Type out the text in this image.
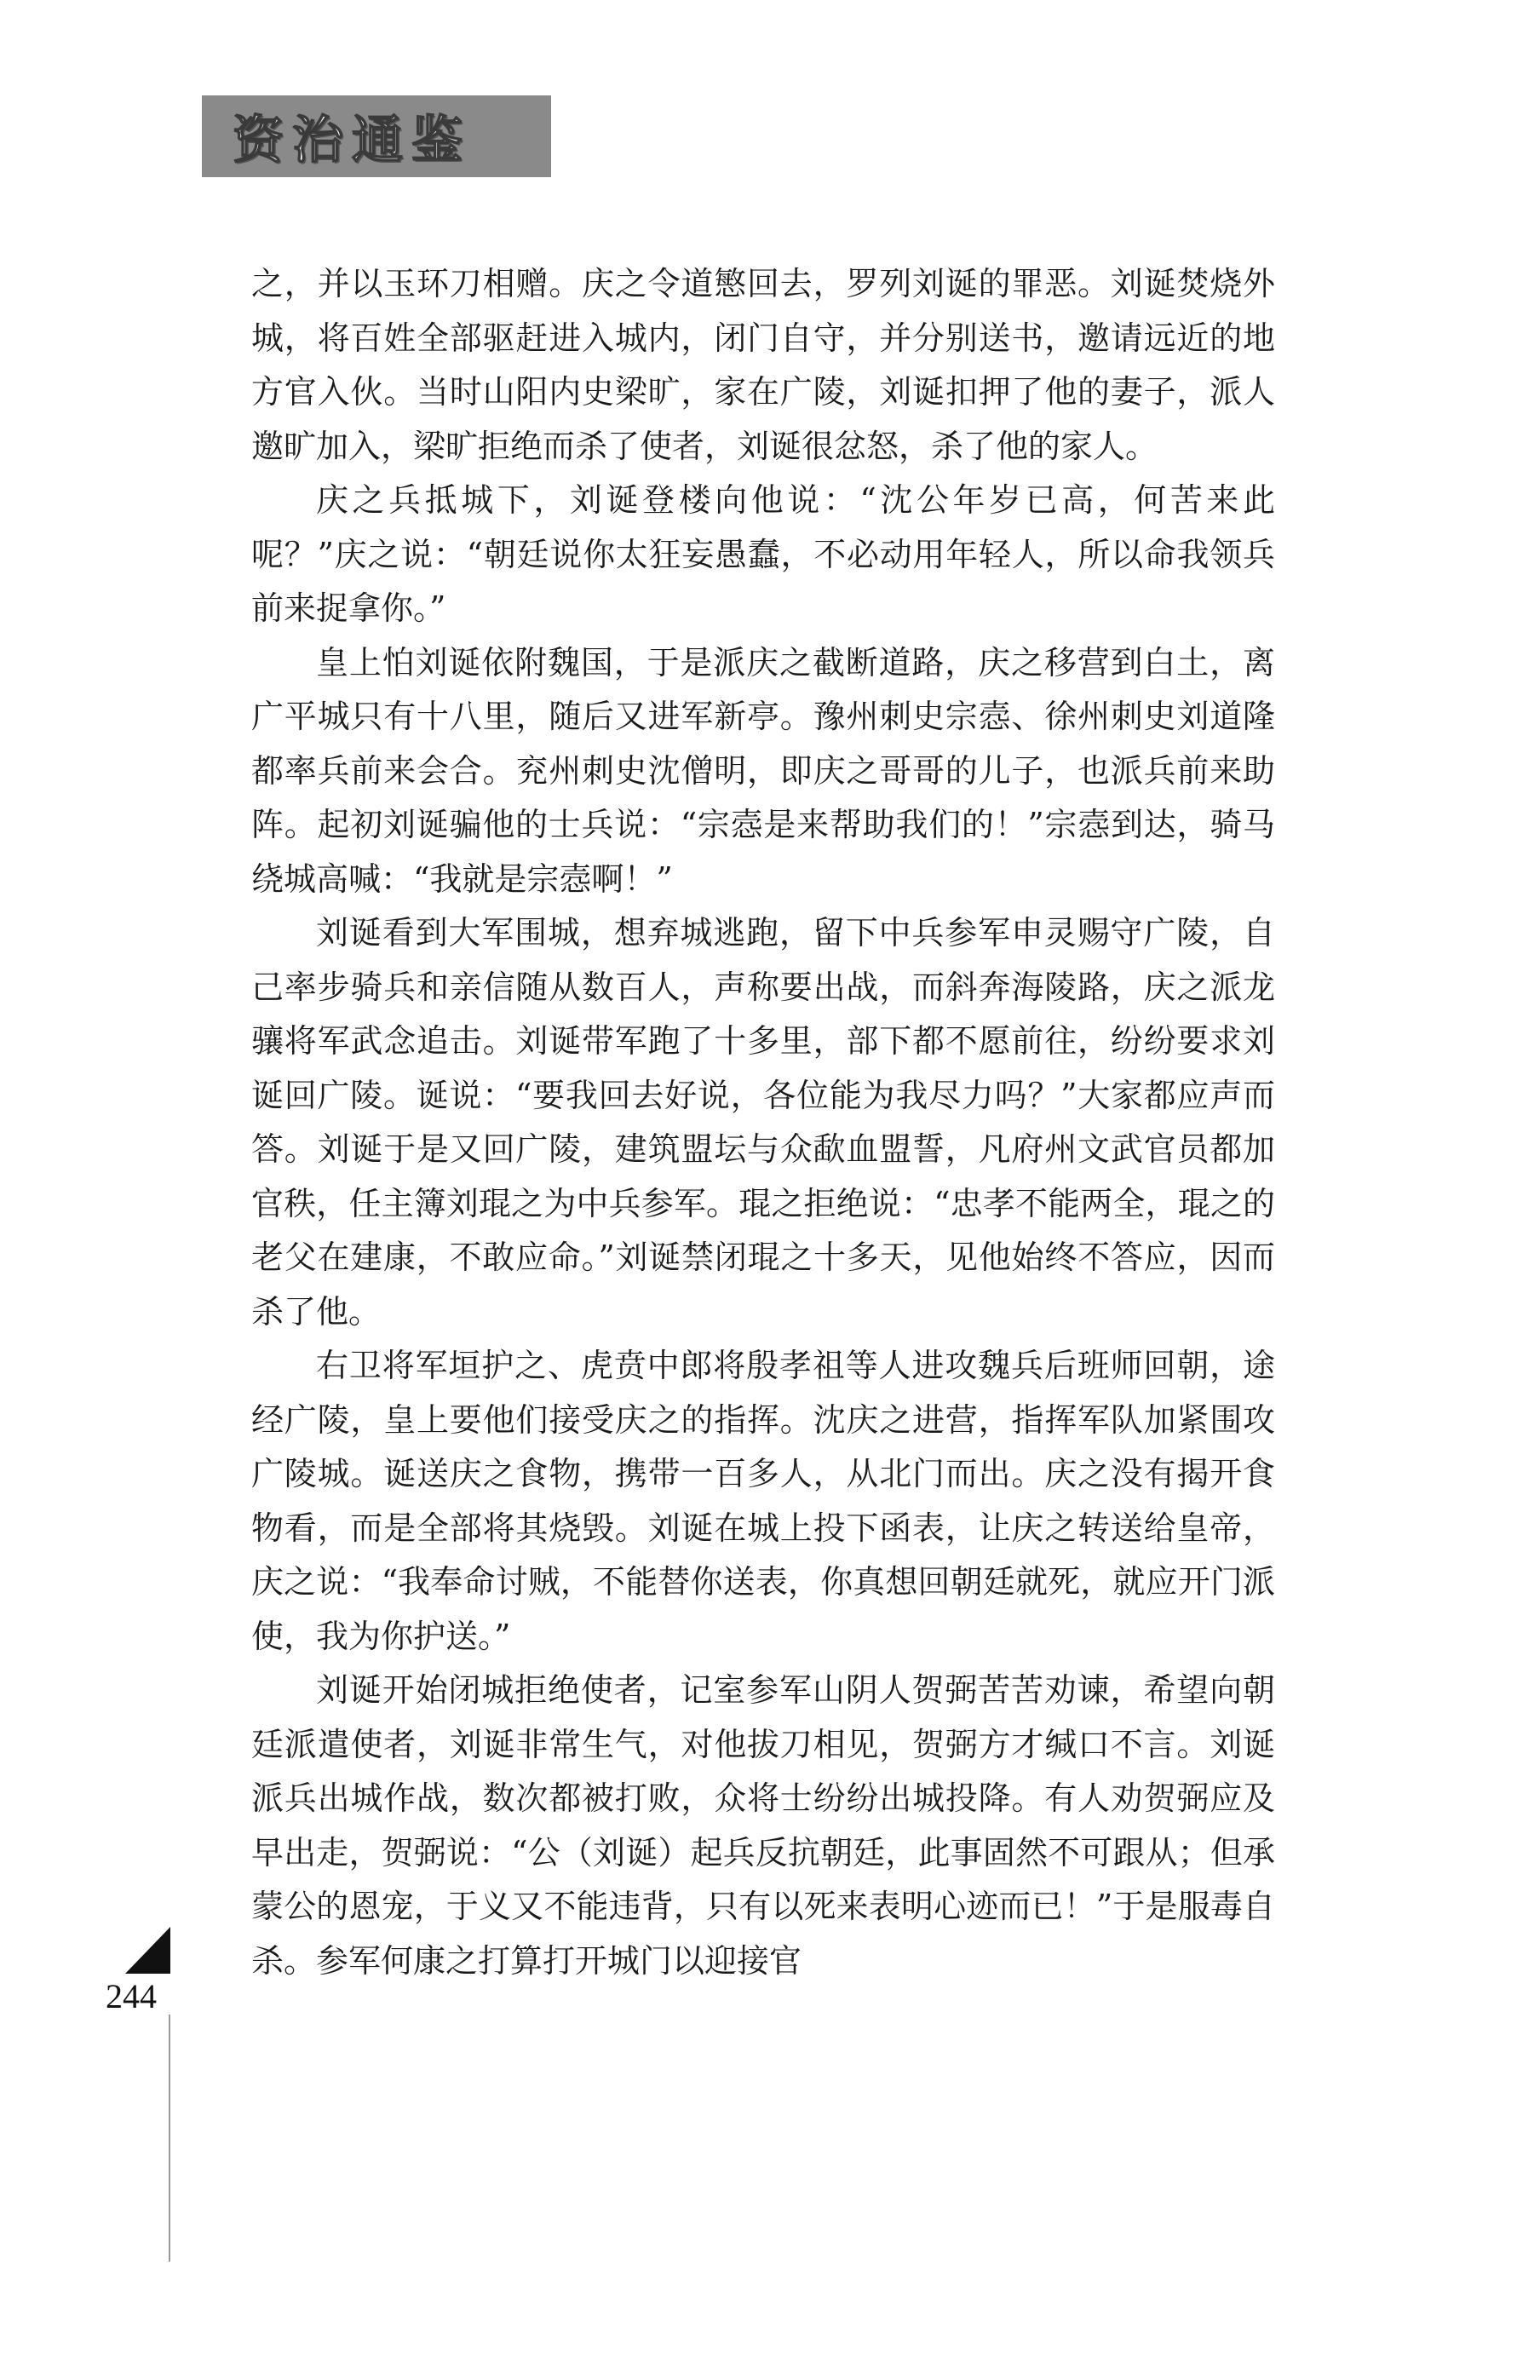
资治通鉴

之，并以玉环刀相赠。庆之令道慜回去，罗列刘诞的罪恶。刘诞焚烧外城，将百姓全部驱赶进入城内，闭门自守，并分别送书，邀请远近的地方官入伙。当时山阳内史梁旷，家在广陵，刘诞扣押了他的妻子，派人邀旷加入，梁旷拒绝而杀了使者，刘诞很忿怒，杀了他的家人。

庆之兵抵城下，刘诞登楼向他说：“沈公年岁已高，何苦来此呢？”庆之说：“朝廷说你太狂妄愚蠢，不必动用年轻人，所以命我领兵前来捉拿你。”

皇上怕刘诞依附魏国，于是派庆之截断道路，庆之移营到白土，离广平城只有十八里，随后又进军新亭。豫州刺史宗悫、徐州刺史刘道隆都率兵前来会合。兖州刺史沈僧明，即庆之哥哥的儿子，也派兵前来助阵。起初刘诞骗他的士兵说：“宗悫是来帮助我们的！”宗悫到达，骑马绕城高喊：“我就是宗悫啊！”

刘诞看到大军围城，想弃城逃跑，留下中兵参军申灵赐守广陵，自己率步骑兵和亲信随从数百人，声称要出战，而斜奔海陵路，庆之派龙骧将军武念追击。刘诞带军跑了十多里，部下都不愿前往，纷纷要求刘诞回广陵。诞说：“要我回去好说，各位能为我尽力吗？”大家都应声而答。刘诞于是又回广陵，建筑盟坛与众歃血盟誓，凡府州文武官员都加官秩，任主簿刘琨之为中兵参军。琨之拒绝说：“忠孝不能两全，琨之的老父在建康，不敢应命。”刘诞禁闭琨之十多天，见他始终不答应，因而杀了他。

右卫将军垣护之、虎贲中郎将殷孝祖等人进攻魏兵后班师回朝，途经广陵，皇上要他们接受庆之的指挥。沈庆之进营，指挥军队加紧围攻广陵城。诞送庆之食物，携带一百多人，从北门而出。庆之没有揭开食物看，而是全部将其烧毁。刘诞在城上投下函表，让庆之转送给皇帝，庆之说：“我奉命讨贼，不能替你送表，你真想回朝廷就死，就应开门派使，我为你护送。”

刘诞开始闭城拒绝使者，记室参军山阴人贺弼苦苦劝谏，希望向朝廷派遣使者，刘诞非常生气，对他拔刀相见，贺弼方才缄口不言。刘诞派兵出城作战，数次都被打败，众将士纷纷出城投降。有人劝贺弼应及早出走，贺弼说：“公（刘诞）起兵反抗朝廷，此事固然不可跟从；但承蒙公的恩宠，于义又不能违背，只有以死来表明心迹而已！”于是服毒自杀。参军何康之打算打开城门以迎接官

244
